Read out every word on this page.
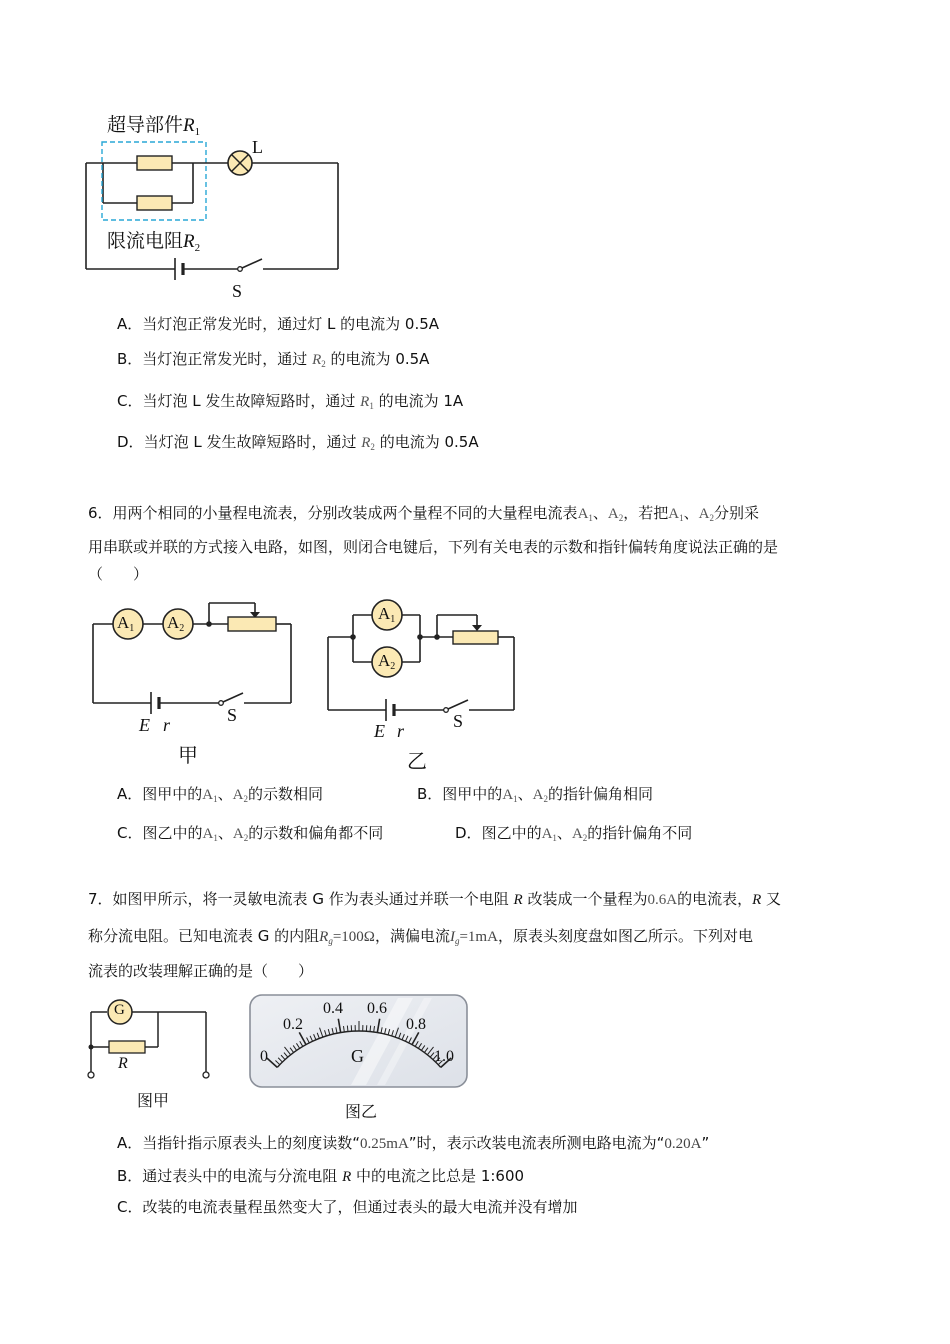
超导部件$R_1$
限流电阻$R_2$
L
S
A．当灯泡正常发光时，通过灯 L 的电流为 0.5A
B．当灯泡正常发光时，通过 $R_2$ 的电流为 0.5A
C．当灯泡 L 发生故障短路时，通过 $R_1$ 的电流为 1A
D．当灯泡 L 发生故障短路时，通过 $R_2$ 的电流为 0.5A
6．用两个相同的小量程电流表，分别改装成两个量程不同的大量程电流表$A_1$、$A_2$，若把$A_1$、$A_2$分别采
用串联或并联的方式接入电路，如图，则闭合电键后，下列有关电表的示数和指针偏转角度说法正确的是
（　　）
A1 A2
E r	S
甲
A1
A2
E r	S
乙
A．图甲中的$A_1$、$A_2$的示数相同	B．图甲中的$A_1$、$A_2$的指针偏角相同
C．图乙中的$A_1$、$A_2$的示数和偏角都不同	D．图乙中的$A_1$、$A_2$的指针偏角不同
7．如图甲所示，将一灵敏电流表 G 作为表头通过并联一个电阻 R 改装成一个量程为0.6A的电流表，R 又
称分流电阻。已知电流表 G 的内阻$R_g=100\Omega$，满偏电流$I_g=1mA$，原表头刻度盘如图乙所示。下列对电
流表的改装理解正确的是（　　）
G
R
图甲
0
0.2
0.4 0.6
0.8
1.0
G
图乙
A．当指针指示原表头上的刻度读数“0.25mA”时，表示改装电流表所测电路电流为“0.20A”
B．通过表头中的电流与分流电阻 R 中的电流之比总是 1:600
C．改装的电流表量程虽然变大了，但通过表头的最大电流并没有增加
